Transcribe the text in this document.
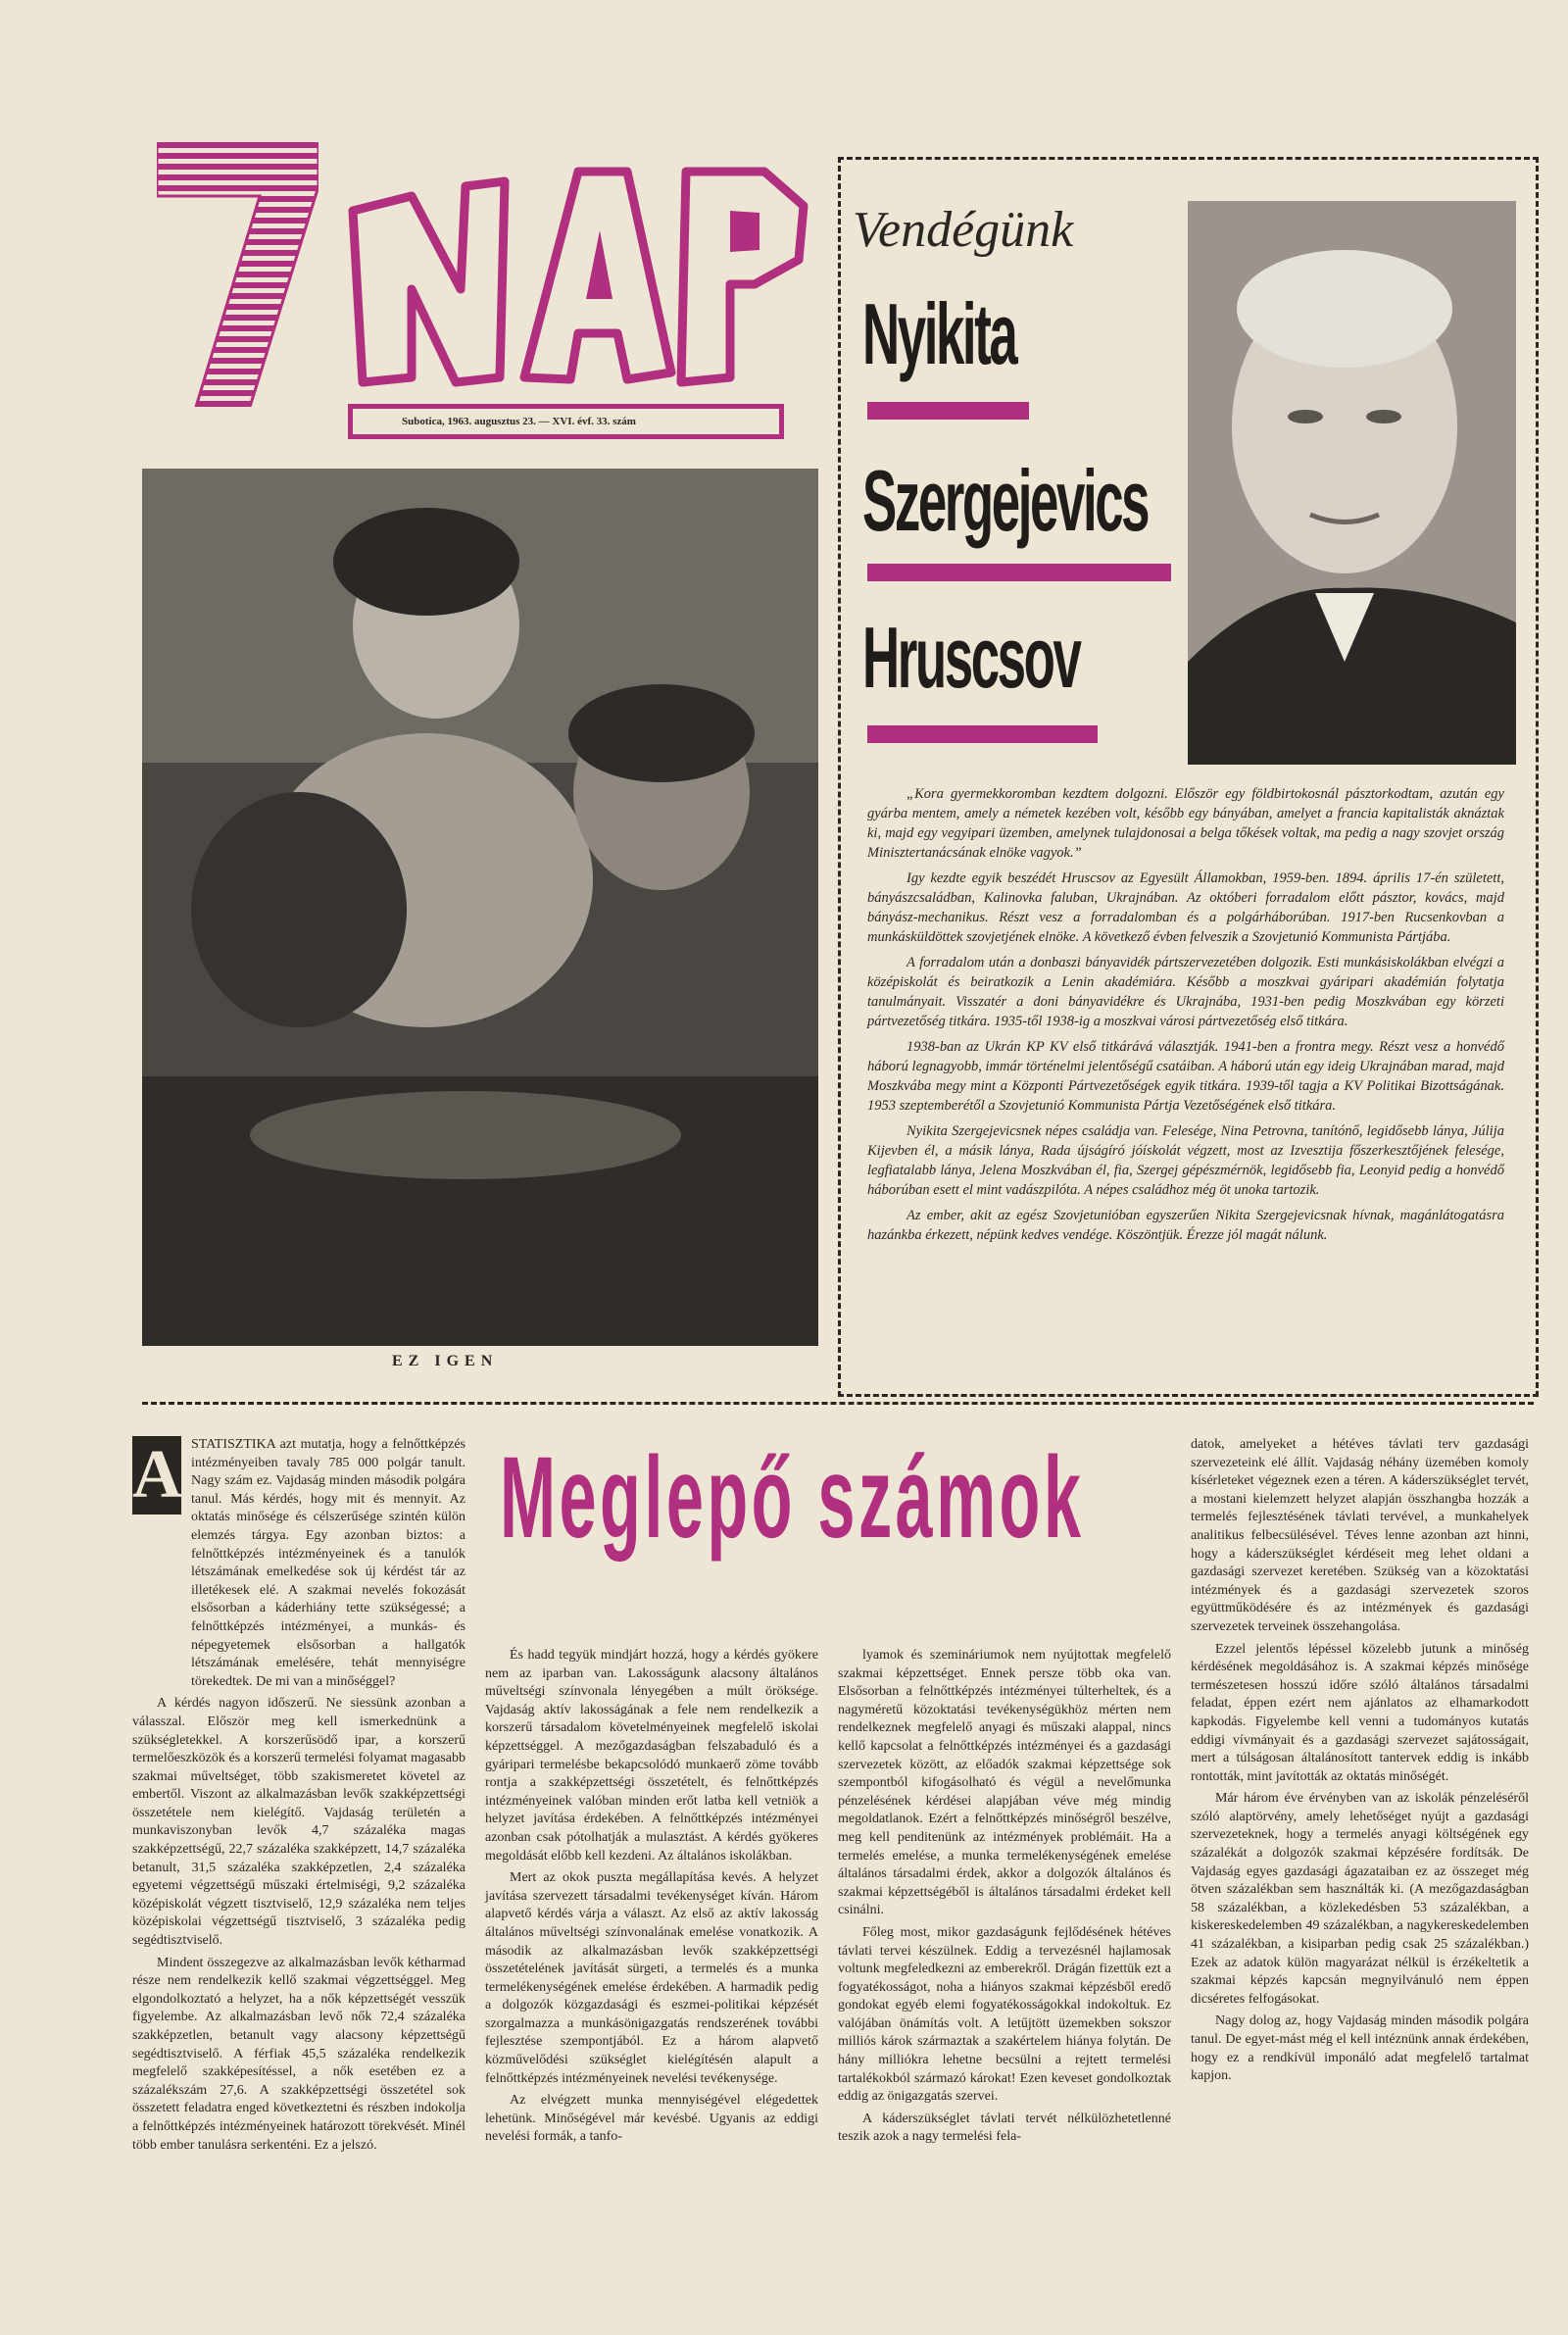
Subotica, 1963. augusztus 23. — XVI. évf. 33. szám
EZ IGEN
Vendégünk
Nyikita
Szergejevics
Hruscsov

„Kora gyermekkoromban kezdtem dolgozni. Először egy földbirtokosnál pásztorkodtam, azután egy gyárba mentem, amely a németek kezében volt, később egy bányában, amelyet a francia kapitalisták aknáztak ki, majd egy vegyipari üzemben, amelynek tulajdonosai a belga tőkések voltak, ma pedig a nagy szovjet ország Minisztertanácsának elnöke vagyok.”

Igy kezdte egyik beszédét Hruscsov az Egyesült Államokban, 1959-ben. 1894. április 17-én született, bányászcsaládban, Kalinovka faluban, Ukrajnában. Az októberi forradalom előtt pásztor, kovács, majd bányász-mechanikus. Részt vesz a forradalomban és a polgárháborúban. 1917-ben Rucsenkovban a munkásküldöttek szovjetjének elnöke. A következő évben felveszik a Szovjetunió Kommunista Pártjába.

A forradalom után a donbaszi bányavidék pártszervezetében dolgozik. Esti munkásiskolákban elvégzi a középiskolát és beiratkozik a Lenin akadémiára. Később a moszkvai gyáripari akadémián folytatja tanulmányait. Visszatér a doni bányavidékre és Ukrajnába, 1931-ben pedig Moszkvában egy körzeti pártvezetőség titkára. 1935-től 1938-ig a moszkvai városi pártvezetőség első titkára.

1938-ban az Ukrán KP KV első titkárává választják. 1941-ben a frontra megy. Részt vesz a honvédő háború legnagyobb, immár történelmi jelentőségű csatáiban. A háború után egy ideig Ukrajnában marad, majd Moszkvába megy mint a Központi Pártvezetőségek egyik titkára. 1939-től tagja a KV Politikai Bizottságának. 1953 szeptemberétől a Szovjetunió Kommunista Pártja Vezetőségének első titkára.

Nyikita Szergejevicsnek népes családja van. Felesége, Nina Petrovna, tanítónő, legidősebb lánya, Júlija Kijevben él, a másik lánya, Rada újságíró jóískolát végzett, most az Izvesztija főszerkesztőjének felesége, legfiatalabb lánya, Jelena Moszkvában él, fia, Szergej gépészmérnök, legidősebb fia, Leonyid pedig a honvédő háborúban esett el mint vadászpilóta. A népes családhoz még öt unoka tartozik.

Az ember, akit az egész Szovjetunióban egyszerűen Nikita Szergejevicsnak hívnak, magánlátogatásra hazánkba érkezett, népünk kedves vendége. Köszöntjük. Érezze jól magát nálunk.

Meglepő számok
A STATISZTIKA azt mutatja, hogy a felnőttképzés intézményeiben tavaly 785 000 polgár tanult. Nagy szám ez. Vajdaság minden második polgára tanul. Más kérdés, hogy mit és mennyit. Az oktatás minősége és célszerűsége szintén külön elemzés tárgya. Egy azonban biztos: a felnőttképzés intézményeinek és a tanulók létszámának emelkedése sok új kérdést tár az illetékesek elé. A szakmai nevelés fokozását elsősorban a káderhiány tette szükségessé; a felnőttképzés intézményei, a munkás- és népegyetemek elsősorban a hallgatók létszámának emelésére, tehát mennyiségre törekedtek. De mi van a minőséggel?

A kérdés nagyon időszerű. Ne siessünk azonban a válasszal. Először meg kell ismerkednünk a szükségletekkel. A korszerűsödő ipar, a korszerű termelőeszközök és a korszerű termelési folyamat magasabb szakmai műveltséget, több szakismeretet követel az embertől. Viszont az alkalmazásban levők szakképzettségi összetétele nem kielégítő. Vajdaság területén a munkaviszonyban levők 4,7 százaléka magas szakképzettségű, 22,7 százaléka szakképzett, 14,7 százaléka betanult, 31,5 százaléka szakképzetlen, 2,4 százaléka egyetemi végzettségű műszaki értelmiségi, 9,2 százaléka középiskolát végzett tisztviselő, 12,9 százaléka nem teljes középiskolai végzettségű tisztviselő, 3 százaléka pedig segédtisztviselő.

Mindent összegezve az alkalmazásban levők kétharmad része nem rendelkezik kellő szakmai végzettséggel. Meg elgondolkoztató a helyzet, ha a nők képzettségét vesszük figyelembe. Az alkalmazásban levő nők 72,4 százaléka szakképzetlen, betanult vagy alacsony képzettségű segédtisztviselő. A férfiak 45,5 százaléka rendelkezik megfelelő szakképesítéssel, a nők esetében ez a százalékszám 27,6. A szakképzettségi összetétel sok összetett feladatra enged következtetni és részben indokolja a felnőttképzés intézményeinek határozott törekvését. Minél több ember tanulásra serkenténi. Ez a jelszó.

És hadd tegyük mindjárt hozzá, hogy a kérdés gyökere nem az iparban van. Lakosságunk alacsony általános műveltségi színvonala lényegében a múlt öröksége. Vajdaság aktív lakosságának a fele nem rendelkezik a korszerű társadalom követelményeinek megfelelő iskolai képzettséggel. A mezőgazdaságban felszabaduló és a gyáripari termelésbe bekapcsolódó munkaerő zöme tovább rontja a szakképzettségi összetételt, és felnőttképzés intézményeinek valóban minden erőt latba kell vetniök a helyzet javítása érdekében. A felnőttképzés intézményei azonban csak pótolhatják a mulasztást. A kérdés gyökeres megoldását előbb kell kezdeni. Az általános iskolákban.

Mert az okok puszta megállapítása kevés. A helyzet javítása szervezett társadalmi tevékenységet kíván. Három alapvető kérdés várja a választ. Az első az aktív lakosság általános műveltségi színvonalának emelése vonatkozik. A második az alkalmazásban levők szakképzettségi összetételének javítását sürgeti, a termelés és a munka termelékenységének emelése érdekében. A harmadik pedig a dolgozók közgazdasági és eszmei-politikai képzését szorgalmazza a munkásönigazgatás rendszerének további fejlesztése szempontjából. Ez a három alapvető közművelődési szükséglet kielégítésén alapult a felnőttképzés intézményeinek nevelési tevékenysége.

Az elvégzett munka mennyiségével elégedettek lehetünk. Minőségével már kevésbé. Ugyanis az eddigi nevelési formák, a tanfo-

lyamok és szemináriumok nem nyújtottak megfelelő szakmai képzettséget. Ennek persze több oka van. Elsősorban a felnőttképzés intézményei túlterheltek, és a nagyméretű közoktatási tevékenységükhöz mérten nem rendelkeznek megfelelő anyagi és műszaki alappal, nincs kellő kapcsolat a felnőttképzés intézményei és a gazdasági szervezetek között, az előadók szakmai képzettsége sok szempontból kifogásolható és végül a nevelőmunka pénzelésének kérdései alapjában véve még mindig megoldatlanok. Ezért a felnőttképzés minőségről beszélve, meg kell penditenünk az intézmények problémáit. Ha a termelés emelése, a munka termelékenységének emelése általános társadalmi érdek, akkor a dolgozók általános és szakmai képzettségéből is általános társadalmi érdeket kell csinálni.

Főleg most, mikor gazdaságunk fejlődésének hétéves távlati tervei készülnek. Eddig a tervezésnél hajlamosak voltunk megfeledkezni az emberekről. Drágán fizettük ezt a fogyatékosságot, noha a hiányos szakmai képzésből eredő gondokat egyéb elemi fogyatékosságokkal indokoltuk. Ez valójában önámítás volt. A letűjtött üzemekben sokszor milliós károk származtak a szakértelem hiánya folytán. De hány milliókra lehetne becsülni a rejtett termelési tartalékokból származó károkat! Ezen keveset gondolkoztak eddig az önigazgatás szervei.

A káderszükséglet távlati tervét nélkülözhetetlenné teszik azok a nagy termelési fela-

datok, amelyeket a hétéves távlati terv gazdasági szervezeteink elé állít. Vajdaság néhány üzemében komoly kísérleteket végeznek ezen a téren. A káderszükséglet tervét, a mostani kielemzett helyzet alapján összhangba hozzák a termelés fejlesztésének távlati tervével, a munkahelyek analitikus felbecsülésével. Téves lenne azonban azt hinni, hogy a káderszükséglet kérdéseit meg lehet oldani a gazdasági szervezet keretében. Szükség van a közoktatási intézmények és a gazdasági szervezetek szoros együttműködésére és az intézmények és gazdasági szervezetek terveinek összehangolása.

Ezzel jelentős lépéssel közelebb jutunk a minőség kérdésének megoldásához is. A szakmai képzés minősége természetesen hosszú időre szóló általános társadalmi feladat, éppen ezért nem ajánlatos az elhamarkodott kapkodás. Figyelembe kell venni a tudományos kutatás eddigi vívmányait és a gazdasági szervezet sajátosságait, mert a túlságosan általánosított tantervek eddig is inkább rontották, mint javították az oktatás minőségét.

Már három éve érvényben van az iskolák pénzeléséről szóló alaptörvény, amely lehetőséget nyújt a gazdasági szervezeteknek, hogy a termelés anyagi költségének egy százalékát a dolgozók szakmai képzésére fordítsák. De Vajdaság egyes gazdasági ágazataiban ez az összeget még ötven százalékban sem használták ki. (A mezőgazdaságban 58 százalékban, a közlekedésben 53 százalékban, a kiskereskedelemben 49 százalékban, a nagykereskedelemben 41 százalékban, a kisiparban pedig csak 25 százalékban.) Ezek az adatok külön magyarázat nélkül is érzékeltetik a szakmai képzés kapcsán megnyilvánuló nem éppen dicséretes felfogásokat.

Nagy dolog az, hogy Vajdaság minden második polgára tanul. De egyet-mást még el kell intéznünk annak érdekében, hogy ez a rendkívül imponáló adat megfelelő tartalmat kapjon.
